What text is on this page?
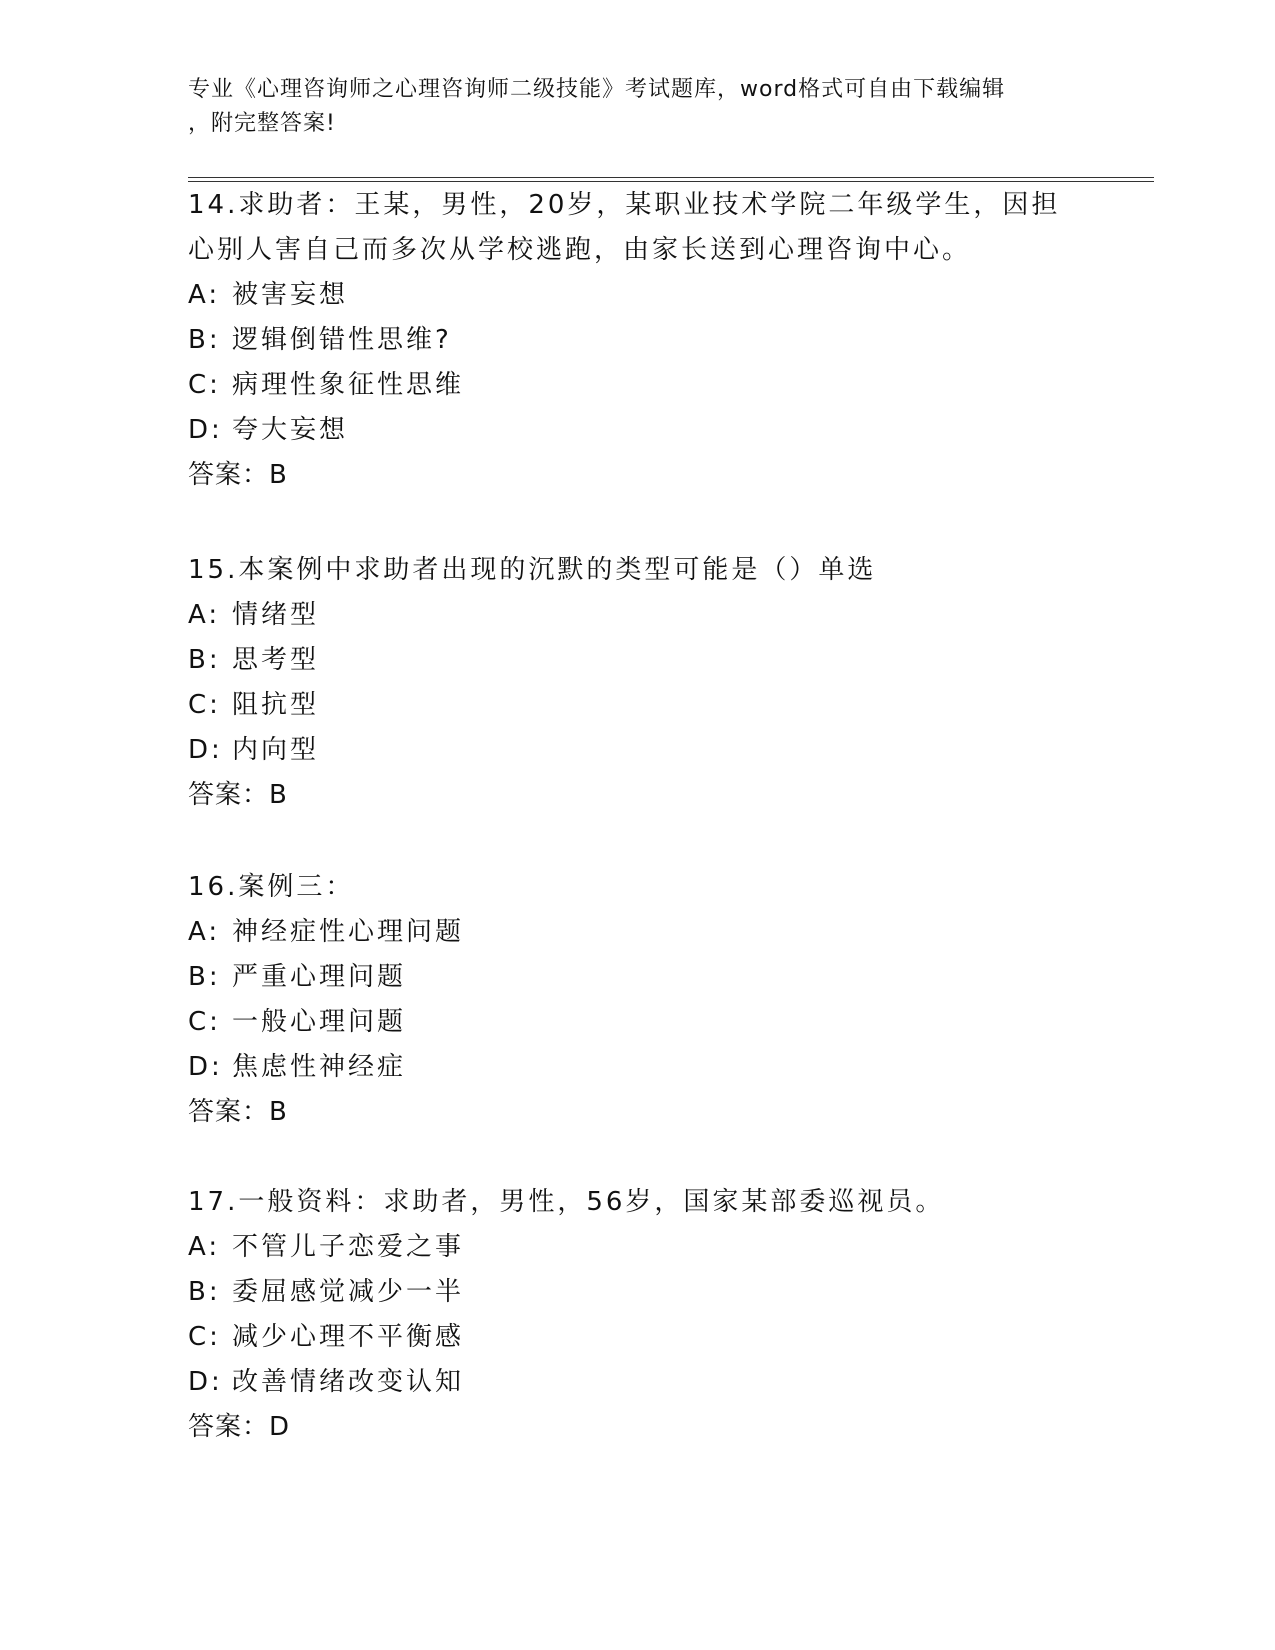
专业《心理咨询师之心理咨询师二级技能》考试题库，word格式可自由下载编辑
，附完整答案!

14.求助者：王某，男性，20岁，某职业技术学院二年级学生，因担心别人害自己而多次从学校逃跑，由家长送到心理咨询中心。

A: 被害妄想

B: 逻辑倒错性思维?

C: 病理性象征性思维

D: 夸大妄想

答案：B

15.本案例中求助者出现的沉默的类型可能是（）单选

A: 情绪型

B: 思考型

C: 阻抗型

D: 内向型

答案：B

16.案例三：

A: 神经症性心理问题

B: 严重心理问题

C: 一般心理问题

D: 焦虑性神经症

答案：B

17.一般资料：求助者，男性，56岁，国家某部委巡视员。

A: 不管儿子恋爱之事

B: 委屈感觉减少一半

C: 减少心理不平衡感

D: 改善情绪改变认知

答案：D
